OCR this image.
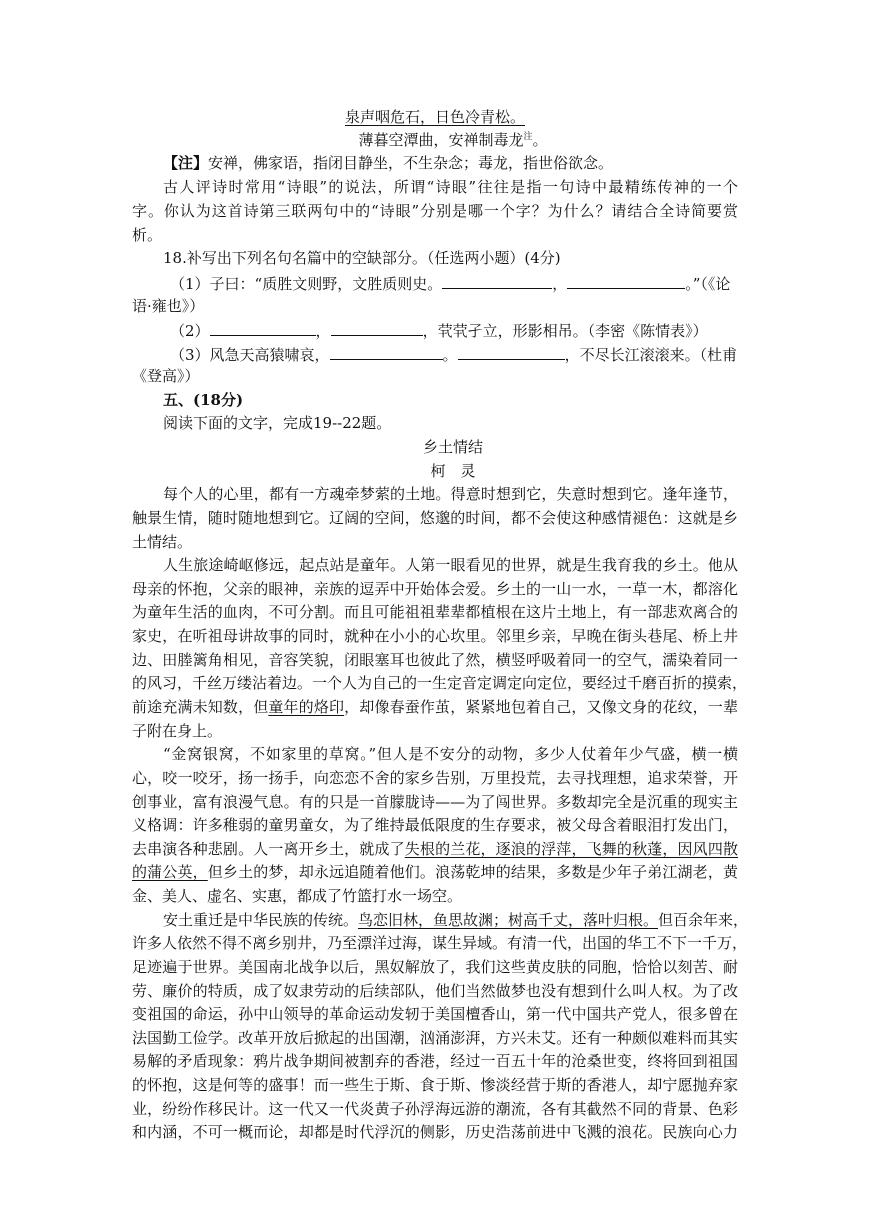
泉声咽危石，日色冷青松。
薄暮空潭曲，安禅制毒龙$^注$。
【注】安禅，佛家语，指闭目静坐，不生杂念；毒龙，指世俗欲念。
古人评诗时常用“诗眼”的说法，所谓“诗眼”往往是指一句诗中最精练传神的一个
字。你认为这首诗第三联两句中的“诗眼”分别是哪一个字？为什么？请结合全诗简要赏
析。
18.补写出下列名句名篇中的空缺部分。（任选两小题）(4分)
（1）子曰：“质胜文则野，文胜质则史。	，	。”（《论
语·雍也》）
（2）	，	，茕茕孑立，形影相吊。（李密《陈情表》）
（3）风急天高猿啸哀，	。	，不尽长江滚滚来。（杜甫
《登高》）
五、(18分)
阅读下面的文字，完成19--22题。
乡土情结
柯　灵
每个人的心里，都有一方魂牵梦萦的土地。得意时想到它，失意时想到它。逢年逢节，
触景生情，随时随地想到它。辽阔的空间，悠邈的时间，都不会使这种感情褪色：这就是乡
土情结。
人生旅途崎岖修远，起点站是童年。人第一眼看见的世界，就是生我育我的乡土。他从
母亲的怀抱，父亲的眼神，亲族的逗弄中开始体会爱。乡土的一山一水，一草一木，都溶化
为童年生活的血肉，不可分割。而且可能祖祖辈辈都植根在这片土地上，有一部悲欢离合的
家史，在听祖母讲故事的同时，就种在小小的心坎里。邻里乡亲，早晚在街头巷尾、桥上井
边、田塍篱角相见，音容笑貌，闭眼塞耳也彼此了然，横竖呼吸着同一的空气，濡染着同一
的风习，千丝万缕沾着边。一个人为自己的一生定音定调定向定位，要经过千磨百折的摸索，
前途充满未知数，但童年的烙印，却像春蚕作茧，紧紧地包着自己，又像文身的花纹，一辈
子附在身上。
“金窝银窝，不如家里的草窝。”但人是不安分的动物，多少人仗着年少气盛，横一横
心，咬一咬牙，扬一扬手，向恋恋不舍的家乡告别，万里投荒，去寻找理想，追求荣誉，开
创事业，富有浪漫气息。有的只是一首朦胧诗——为了闯世界。多数却完全是沉重的现实主
义格调：许多稚弱的童男童女，为了维持最低限度的生存要求，被父母含着眼泪打发出门，
去串演各种悲剧。人一离开乡土，就成了失根的兰花，逐浪的浮萍，飞舞的秋蓬，因风四散
的蒲公英，但乡土的梦，却永远追随着他们。浪荡乾坤的结果，多数是少年子弟江湖老，黄
金、美人、虚名、实惠，都成了竹篮打水一场空。
安土重迁是中华民族的传统。鸟恋旧林，鱼思故渊；树高千丈，落叶归根。但百余年来，
许多人依然不得不离乡别井，乃至漂洋过海，谋生异域。有清一代，出国的华工不下一千万，
足迹遍于世界。美国南北战争以后，黑奴解放了，我们这些黄皮肤的同胞，恰恰以刻苦、耐
劳、廉价的特质，成了奴隶劳动的后续部队，他们当然做梦也没有想到什么叫人权。为了改
变祖国的命运，孙中山领导的革命运动发轫于美国檀香山，第一代中国共产党人，很多曾在
法国勤工俭学。改革开放后掀起的出国潮，汹涌澎湃，方兴未艾。还有一种颇似难料而其实
易解的矛盾现象：鸦片战争期间被割弃的香港，经过一百五十年的沧桑世变，终将回到祖国
的怀抱，这是何等的盛事！而一些生于斯、食于斯、惨淡经营于斯的香港人，却宁愿抛弃家
业，纷纷作移民计。这一代又一代炎黄子孙浮海远游的潮流，各有其截然不同的背景、色彩
和内涵，不可一概而论，却都是时代浮沉的侧影，历史浩荡前进中飞溅的浪花。民族向心力
